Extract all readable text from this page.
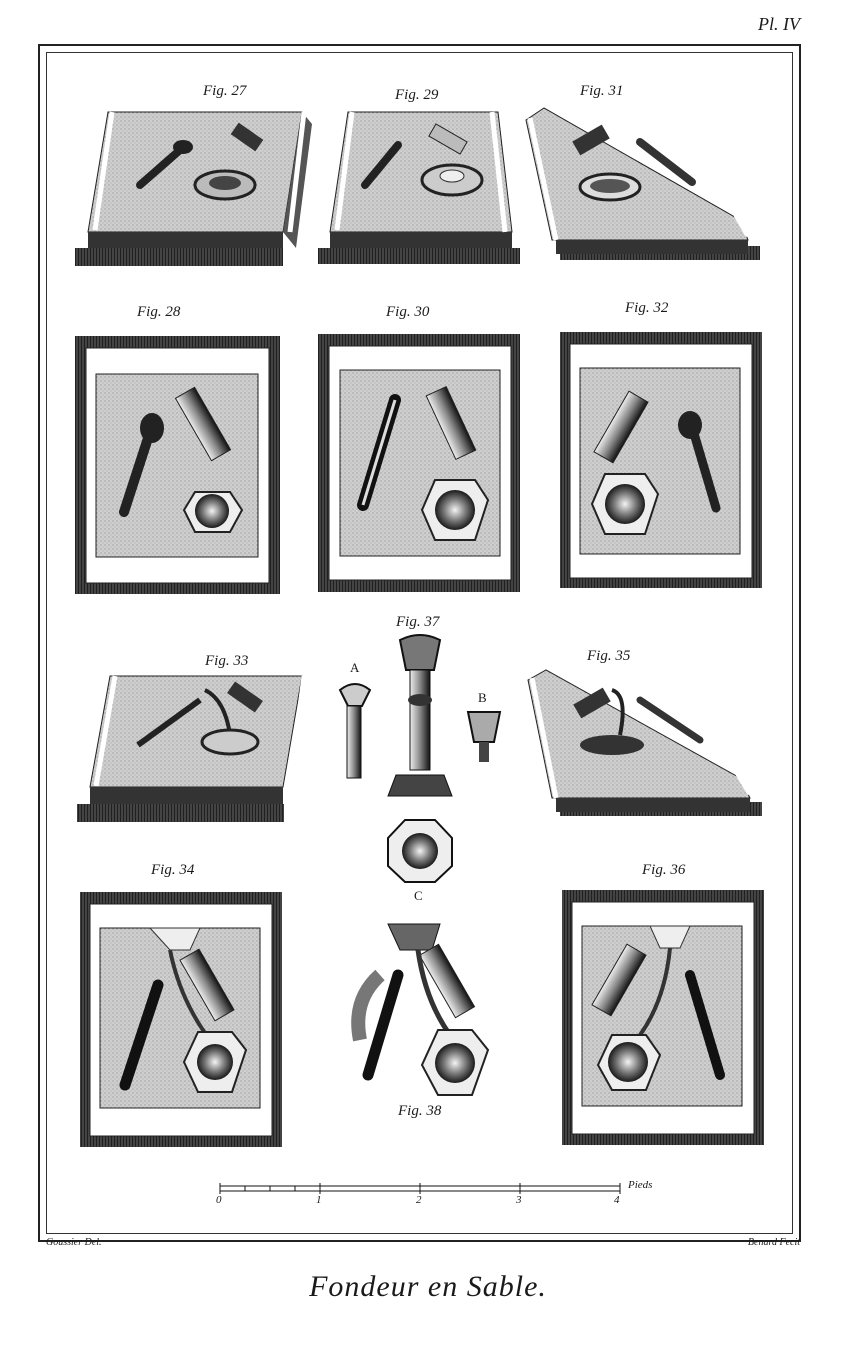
Pl. IV
Fig. 27	Fig. 29	Fig. 31
Fig. 28	Fig. 30	Fig. 32
Fig. 33
Fig. 37
Fig. 35
Fig. 34	Fig. 36
Fig. 38
A
B
C
0	1	2	3	4
Pieds
Goussier Del.	Benard Fecit
Fondeur en Sable.
